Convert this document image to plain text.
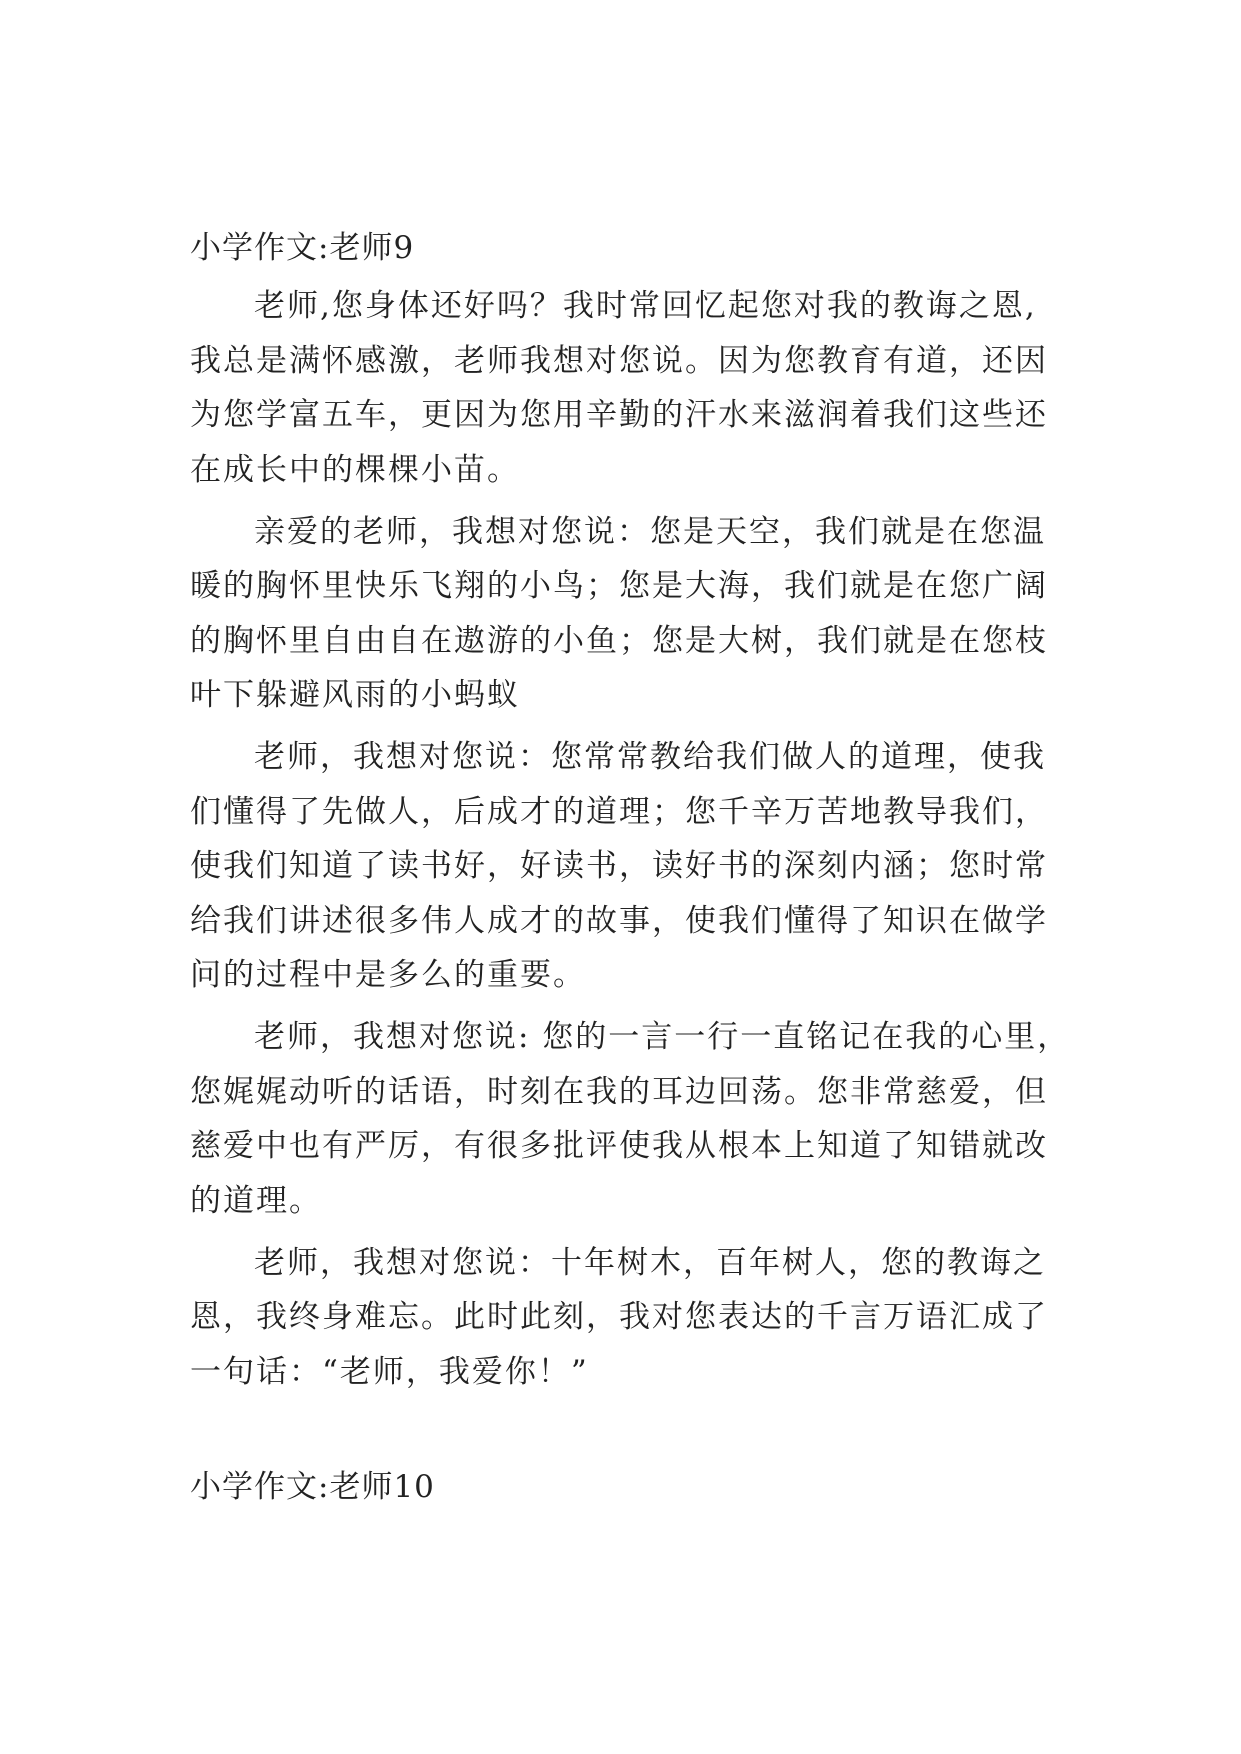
小学作文:老师9
老师,您身体还好吗？我时常回忆起您对我的教诲之恩,
我总是满怀感激，老师我想对您说。因为您教育有道，还因
为您学富五车，更因为您用辛勤的汗水来滋润着我们这些还
在成长中的棵棵小苗。
亲爱的老师，我想对您说：您是天空，我们就是在您温
暖的胸怀里快乐飞翔的小鸟；您是大海，我们就是在您广阔
的胸怀里自由自在遨游的小鱼；您是大树，我们就是在您枝
叶下躲避风雨的小蚂蚁
老师，我想对您说：您常常教给我们做人的道理，使我
们懂得了先做人，后成才的道理；您千辛万苦地教导我们，
使我们知道了读书好，好读书，读好书的深刻内涵；您时常
给我们讲述很多伟人成才的故事，使我们懂得了知识在做学
问的过程中是多么的重要。
老师，我想对您说: 您的一言一行一直铭记在我的心里，
您娓娓动听的话语，时刻在我的耳边回荡。您非常慈爱，但
慈爱中也有严厉，有很多批评使我从根本上知道了知错就改
的道理。
老师，我想对您说：十年树木，百年树人，您的教诲之
恩，我终身难忘。此时此刻，我对您表达的千言万语汇成了
一句话：“老师，我爱你！”
小学作文:老师10
